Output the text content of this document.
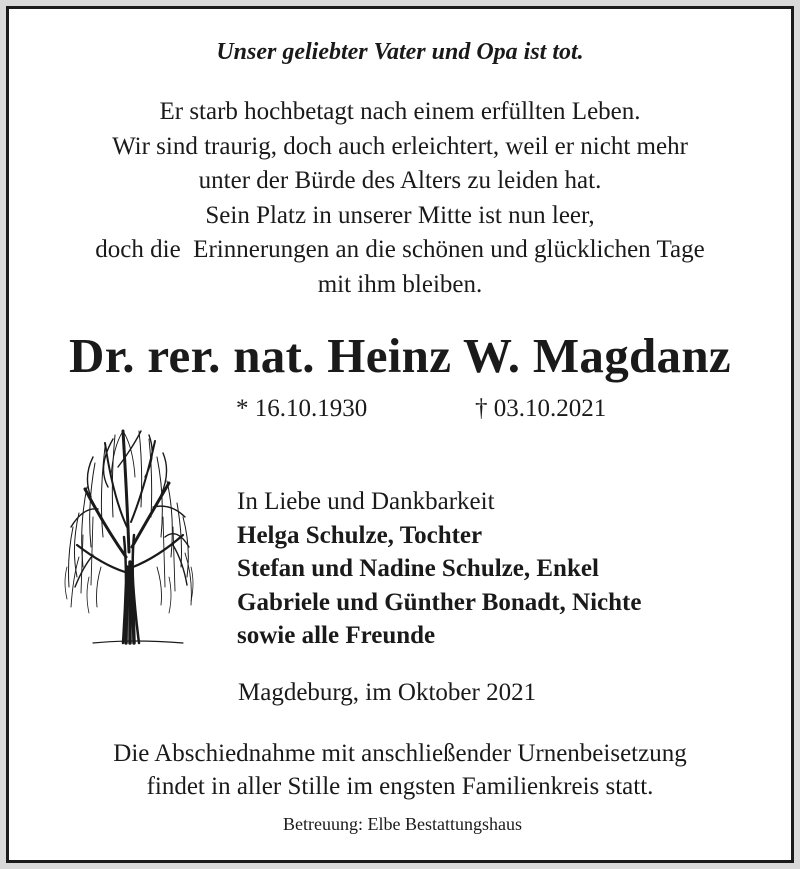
Unser geliebter Vater und Opa ist tot.
Er starb hochbetagt nach einem erfüllten Leben.
Wir sind traurig, doch auch erleichtert, weil er nicht mehr
unter der Bürde des Alters zu leiden hat.
Sein Platz in unserer Mitte ist nun leer,
doch die  Erinnerungen an die schönen und glücklichen Tage
mit ihm bleiben.
Dr. rer. nat. Heinz W. Magdanz
* 16.10.1930	† 03.10.2021
In Liebe und Dankbarkeit
Helga Schulze, Tochter
Stefan und Nadine Schulze, Enkel
Gabriele und Günther Bonadt, Nichte
sowie alle Freunde
Magdeburg, im Oktober 2021
Die Abschiednahme mit anschließender Urnenbeisetzung
findet in aller Stille im engsten Familienkreis statt.
Betreuung: Elbe Bestattungshaus
